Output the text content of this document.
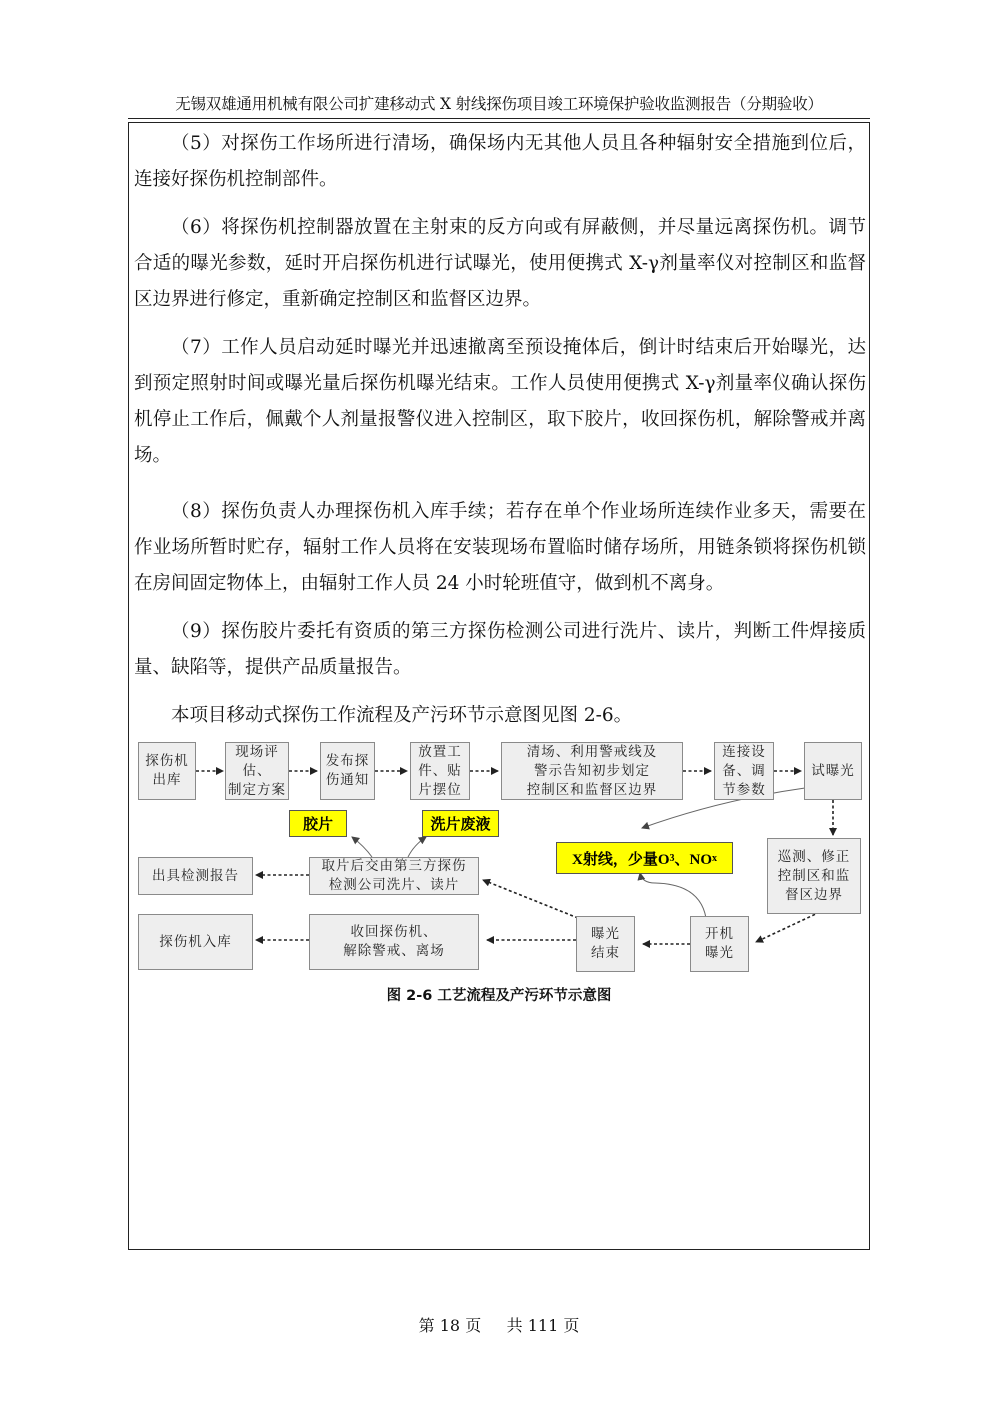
无锡双雄通用机械有限公司扩建移动式 X 射线探伤项目竣工环境保护验收监测报告（分期验收）

（5）对探伤工作场所进行清场，确保场内无其他人员且各种辐射安全措施到位后，连接好探伤机控制部件。

（6）将探伤机控制器放置在主射束的反方向或有屏蔽侧，并尽量远离探伤机。调节合适的曝光参数，延时开启探伤机进行试曝光，使用便携式 X-γ剂量率仪对控制区和监督区边界进行修定，重新确定控制区和监督区边界。

（7）工作人员启动延时曝光并迅速撤离至预设掩体后，倒计时结束后开始曝光，达到预定照射时间或曝光量后探伤机曝光结束。工作人员使用便携式 X-γ剂量率仪确认探伤机停止工作后，佩戴个人剂量报警仪进入控制区，取下胶片，收回探伤机，解除警戒并离场。

（8）探伤负责人办理探伤机入库手续；若存在单个作业场所连续作业多天，需要在作业场所暂时贮存，辐射工作人员将在安装现场布置临时储存场所，用链条锁将探伤机锁在房间固定物体上，由辐射工作人员 24 小时轮班值守，做到机不离身。

（9）探伤胶片委托有资质的第三方探伤检测公司进行洗片、读片，判断工件焊接质量、缺陷等，提供产品质量报告。

本项目移动式探伤工作流程及产污环节示意图见图 2-6。

探伤机
出库
现场评估、
制定方案
发布探
伤通知
放置工
件、贴
片摆位
清场、利用警戒线及
警示告知初步划定
控制区和监督区边界
连接设
备、调
节参数
试曝光
巡测、修正
控制区和监
督区边界
开机
曝光
曝光
结束
收回探伤机、
解除警戒、离场
探伤机入库
取片后交由第三方探伤
检测公司洗片、读片
出具检测报告
胶片	洗片废液
X射线，少量O 3 、NO x
图 2-6 工艺流程及产污环节示意图
第 18 页     共 111 页
